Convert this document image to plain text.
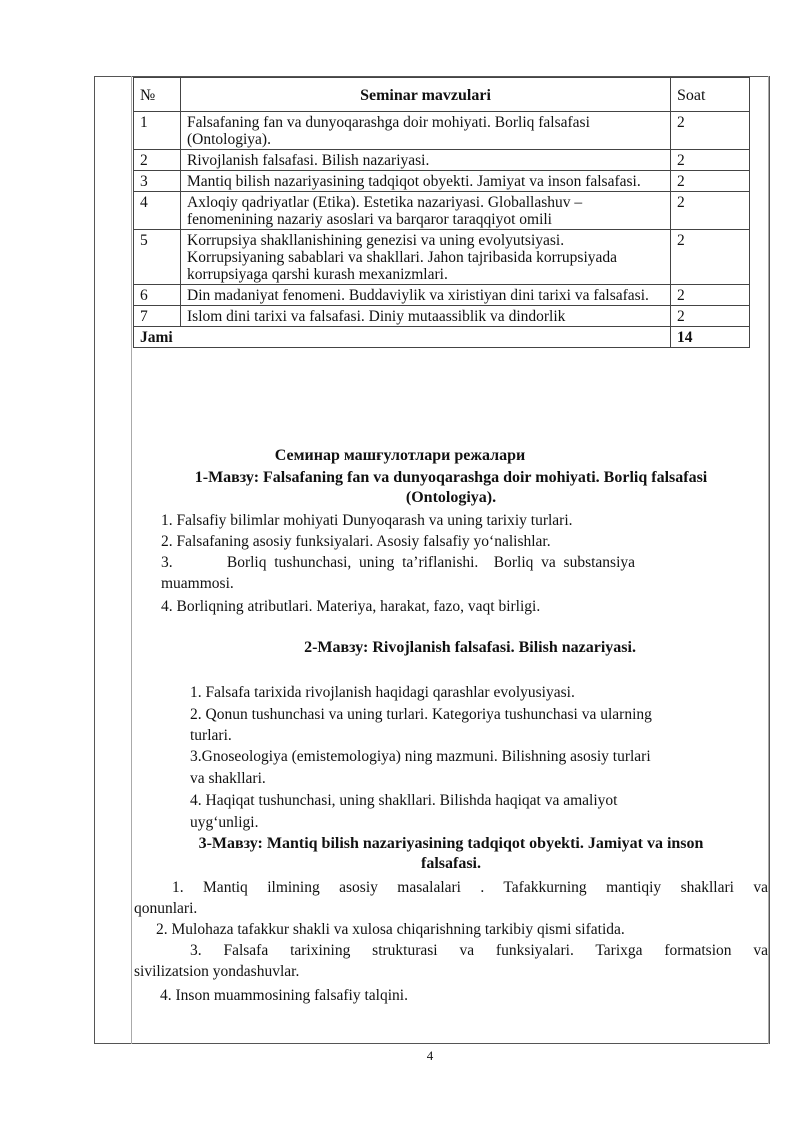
№	Seminar mavzulari	Soat
1	Falsafaning fan va dunyoqarashga doir mohiyati. Borliq falsafasi (Ontologiya).	2
2	Rivojlanish falsafasi. Bilish nazariyasi.	2
3	Mantiq bilish nazariyasining tadqiqot obyekti. Jamiyat va inson falsafasi.	2
4	Axloqiy qadriyatlar (Etika). Estetika nazariyasi. Globallashuv – fenomenining nazariy asoslari va barqaror taraqqiyot omili	2
5	Korrupsiya shakllanishining genezisi va uning evolyutsiyasi. Korrupsiyaning sabablari va shakllari. Jahon tajribasida korrupsiyada korrupsiyaga qarshi kurash mexanizmlari.	2
6	Din madaniyat fenomeni. Buddaviylik va xiristiyan dini tarixi va falsafasi.	2
7	Islom dini tarixi va falsafasi. Diniy mutaassiblik va dindorlik	2
Jami		14
Семинар машғулотлари режалари
1-Мавзу: Falsafaning fan va dunyoqarashga doir mohiyati. Borliq falsafasi
(Ontologiya).
1. Falsafiy bilimlar mohiyati Dunyoqarash va uning tarixiy turlari.
2. Falsafaning asosiy funksiyalari. Asosiy falsafiy yo‘nalishlar.
3.              Borliq  tushunchasi,  uning  ta’riflanishi.    Borliq  va  substansiya
muammosi.
4. Borliqning atributlari. Materiya, harakat, fazo, vaqt birligi.
2-Мавзу: Rivojlanish falsafasi. Bilish nazariyasi.
1. Falsafa tarixida rivojlanish haqidagi qarashlar evolyusiyasi.
2. Qonun tushunchasi va uning turlari. Kategoriya tushunchasi va ularning
turlari.
3.Gnoseologiya (emistemologiya) ning mazmuni. Bilishning asosiy turlari
va shakllari.
4. Haqiqat tushunchasi, uning shakllari. Bilishda haqiqat va amaliyot
uyg‘unligi.
3-Мавзу: Mantiq bilish nazariyasining tadqiqot obyekti. Jamiyat va inson
falsafasi.
1. Mantiq ilmining asosiy masalalari . Tafakkurning mantiqiy shakllari va
qonunlari.
2. Mulohaza tafakkur shakli va xulosa chiqarishning tarkibiy qismi sifatida.
3. Falsafa tarixining strukturasi va funksiyalari. Tarixga formatsion va
sivilizatsion yondashuvlar.
4. Inson muammosining falsafiy talqini.
4
